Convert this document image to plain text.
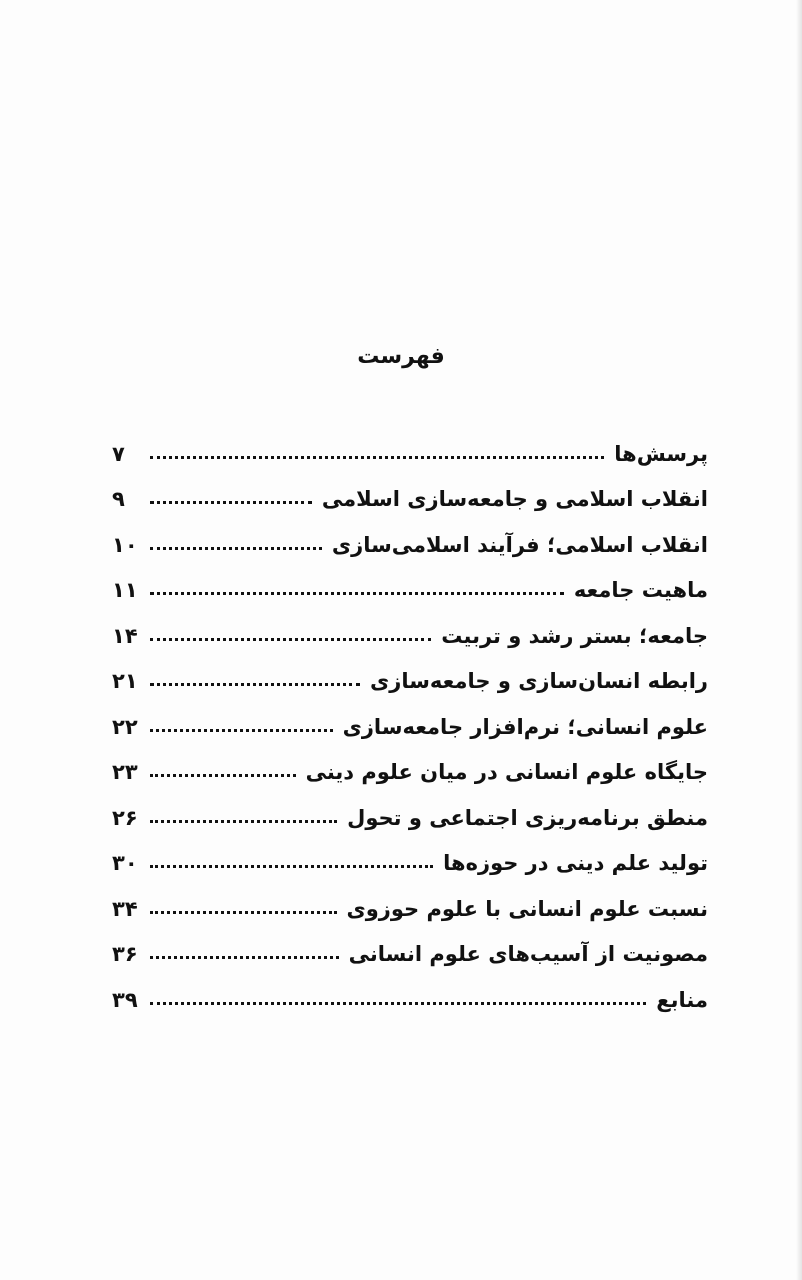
فهرست
پرسش‌ها
۷
انقلاب اسلامی و جامعه‌سازی اسلامی
۹
انقلاب اسلامی؛ فرآیند اسلامی‌سازی
۱۰
ماهیت جامعه
۱۱
جامعه؛ بستر رشد و تربیت
۱۴
رابطه انسان‌سازی و جامعه‌سازی
۲۱
علوم انسانی؛ نرم‌افزار جامعه‌سازی
۲۲
جایگاه علوم انسانی در میان علوم دینی
۲۳
منطق برنامه‌ریزی اجتماعی و تحول
۲۶
تولید علم دینی در حوزه‌ها
۳۰
نسبت علوم انسانی با علوم حوزوی
۳۴
مصونیت از آسیب‌های علوم انسانی
۳۶
منابع
۳۹
